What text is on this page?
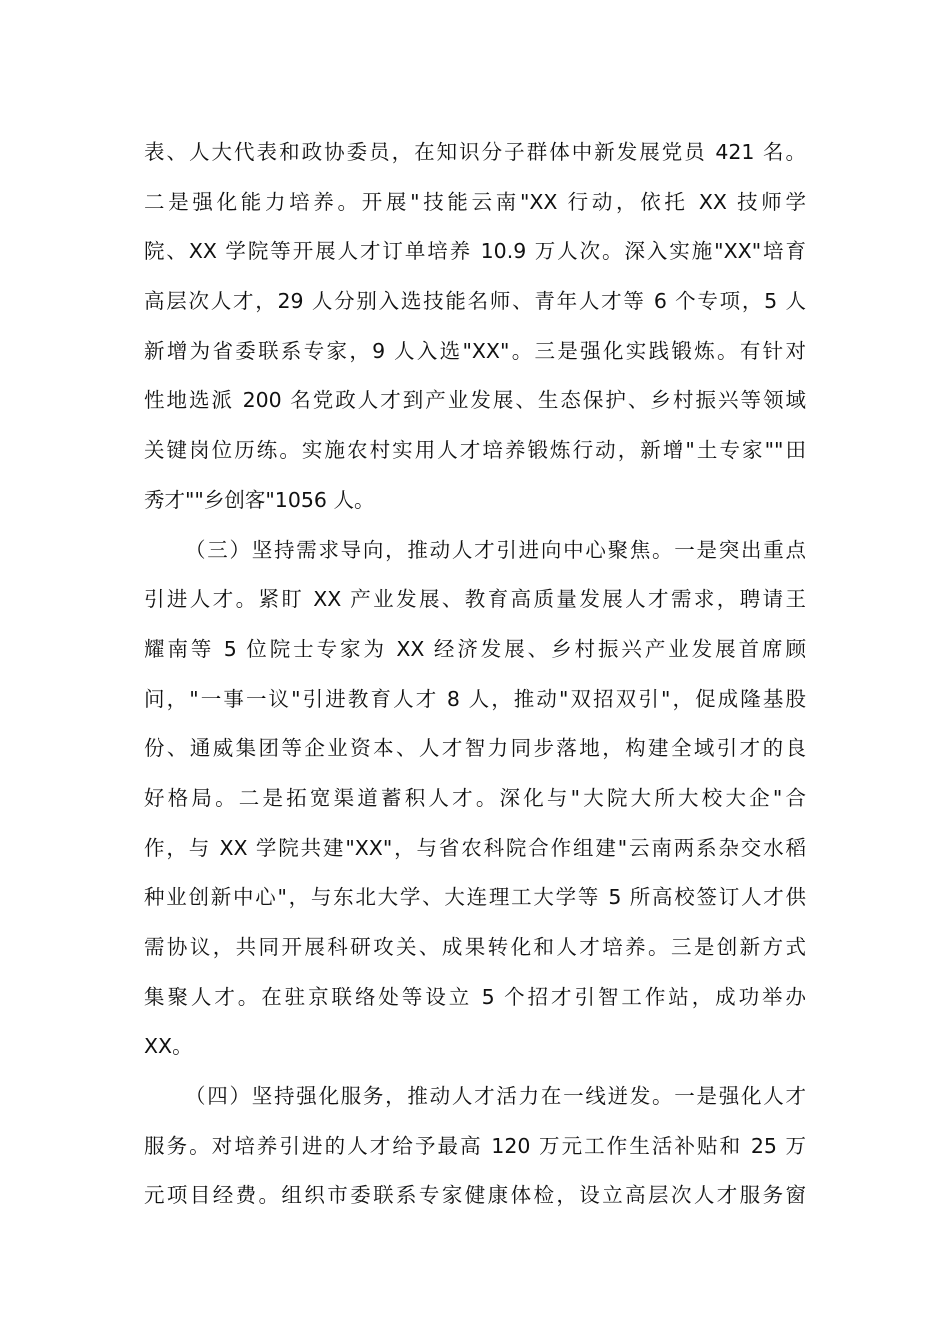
表、人大代表和政协委员，在知识分子群体中新发展党员 421 名。
二是强化能力培养。开展"技能云南"XX 行动，依托 XX 技师学
院、XX 学院等开展人才订单培养 10.9 万人次。深入实施"XX"培育
高层次人才，29 人分别入选技能名师、青年人才等 6 个专项，5 人
新增为省委联系专家，9 人入选"XX"。三是强化实践锻炼。有针对
性地选派 200 名党政人才到产业发展、生态保护、乡村振兴等领域
关键岗位历练。实施农村实用人才培养锻炼行动，新增"土专家""田
秀才""乡创客"1056 人。
（三）坚持需求导向，推动人才引进向中心聚焦。一是突出重点
引进人才。紧盯 XX 产业发展、教育高质量发展人才需求，聘请王
耀南等 5 位院士专家为 XX 经济发展、乡村振兴产业发展首席顾
问，"一事一议"引进教育人才 8 人，推动"双招双引"，促成隆基股
份、通威集团等企业资本、人才智力同步落地，构建全域引才的良
好格局。二是拓宽渠道蓄积人才。深化与"大院大所大校大企"合
作，与 XX 学院共建"XX"，与省农科院合作组建"云南两系杂交水稻
种业创新中心"，与东北大学、大连理工大学等 5 所高校签订人才供
需协议，共同开展科研攻关、成果转化和人才培养。三是创新方式
集聚人才。在驻京联络处等设立 5 个招才引智工作站，成功举办
XX。
（四）坚持强化服务，推动人才活力在一线迸发。一是强化人才
服务。对培养引进的人才给予最高 120 万元工作生活补贴和 25 万
元项目经费。组织市委联系专家健康体检，设立高层次人才服务窗
